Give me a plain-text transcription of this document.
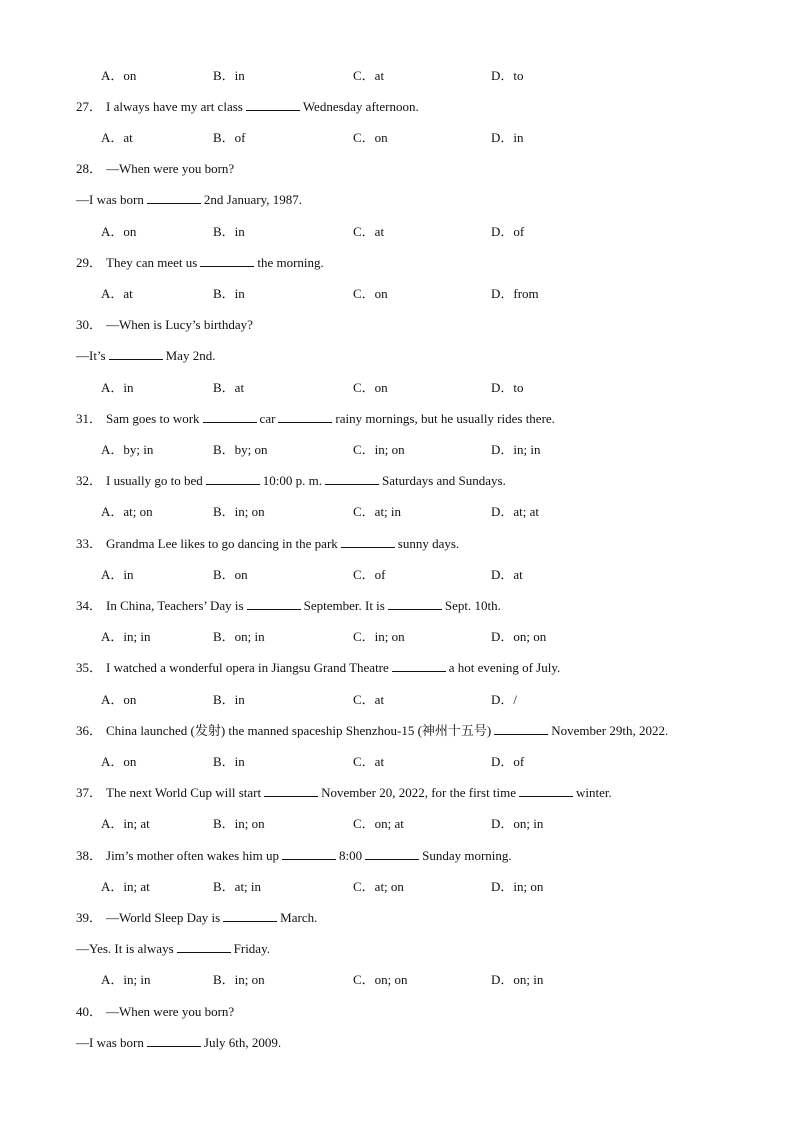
A．on	B．in	C．at	D．to
27． I always have my art class	Wednesday afternoon.
A．at	B．of	C．on	D．in
28． —When were you born?
—I was born	2nd January, 1987.
A．on	B．in	C．at	D．of
29． They can meet us	the morning.
A．at	B．in	C．on	D．from
30． —When is Lucy’s birthday?
—It’s	May 2nd.
A．in	B．at	C．on	D．to
31． Sam goes to work	car	rainy mornings, but he usually rides there.
A．by; in	B．by; on	C．in; on	D．in; in
32． I usually go to bed	10:00 p. m.	Saturdays and Sundays.
A．at; on	B．in; on	C．at; in	D．at; at
33． Grandma Lee likes to go dancing in the park	sunny days.
A．in	B．on	C．of	D．at
34． In China, Teachers’ Day is	September. It is	Sept. 10th.
A．in; in	B．on; in	C．in; on	D．on; on
35． I watched a wonderful opera in Jiangsu Grand Theatre	a hot evening of July.
A．on	B．in	C．at	D．/
36． China launched (发射) the manned spaceship Shenzhou-15 (神州十五号)	November 29th, 2022.
A．on	B．in	C．at	D．of
37． The next World Cup will start	November 20, 2022, for the first time	winter.
A．in; at	B．in; on	C．on; at	D．on; in
38． Jim’s mother often wakes him up	8:00	Sunday morning.
A．in; at	B．at; in	C．at; on	D．in; on
39． —World Sleep Day is	March.
—Yes. It is always	Friday.
A．in; in	B．in; on	C．on; on	D．on; in
40． —When were you born?
—I was born	July 6th, 2009.
